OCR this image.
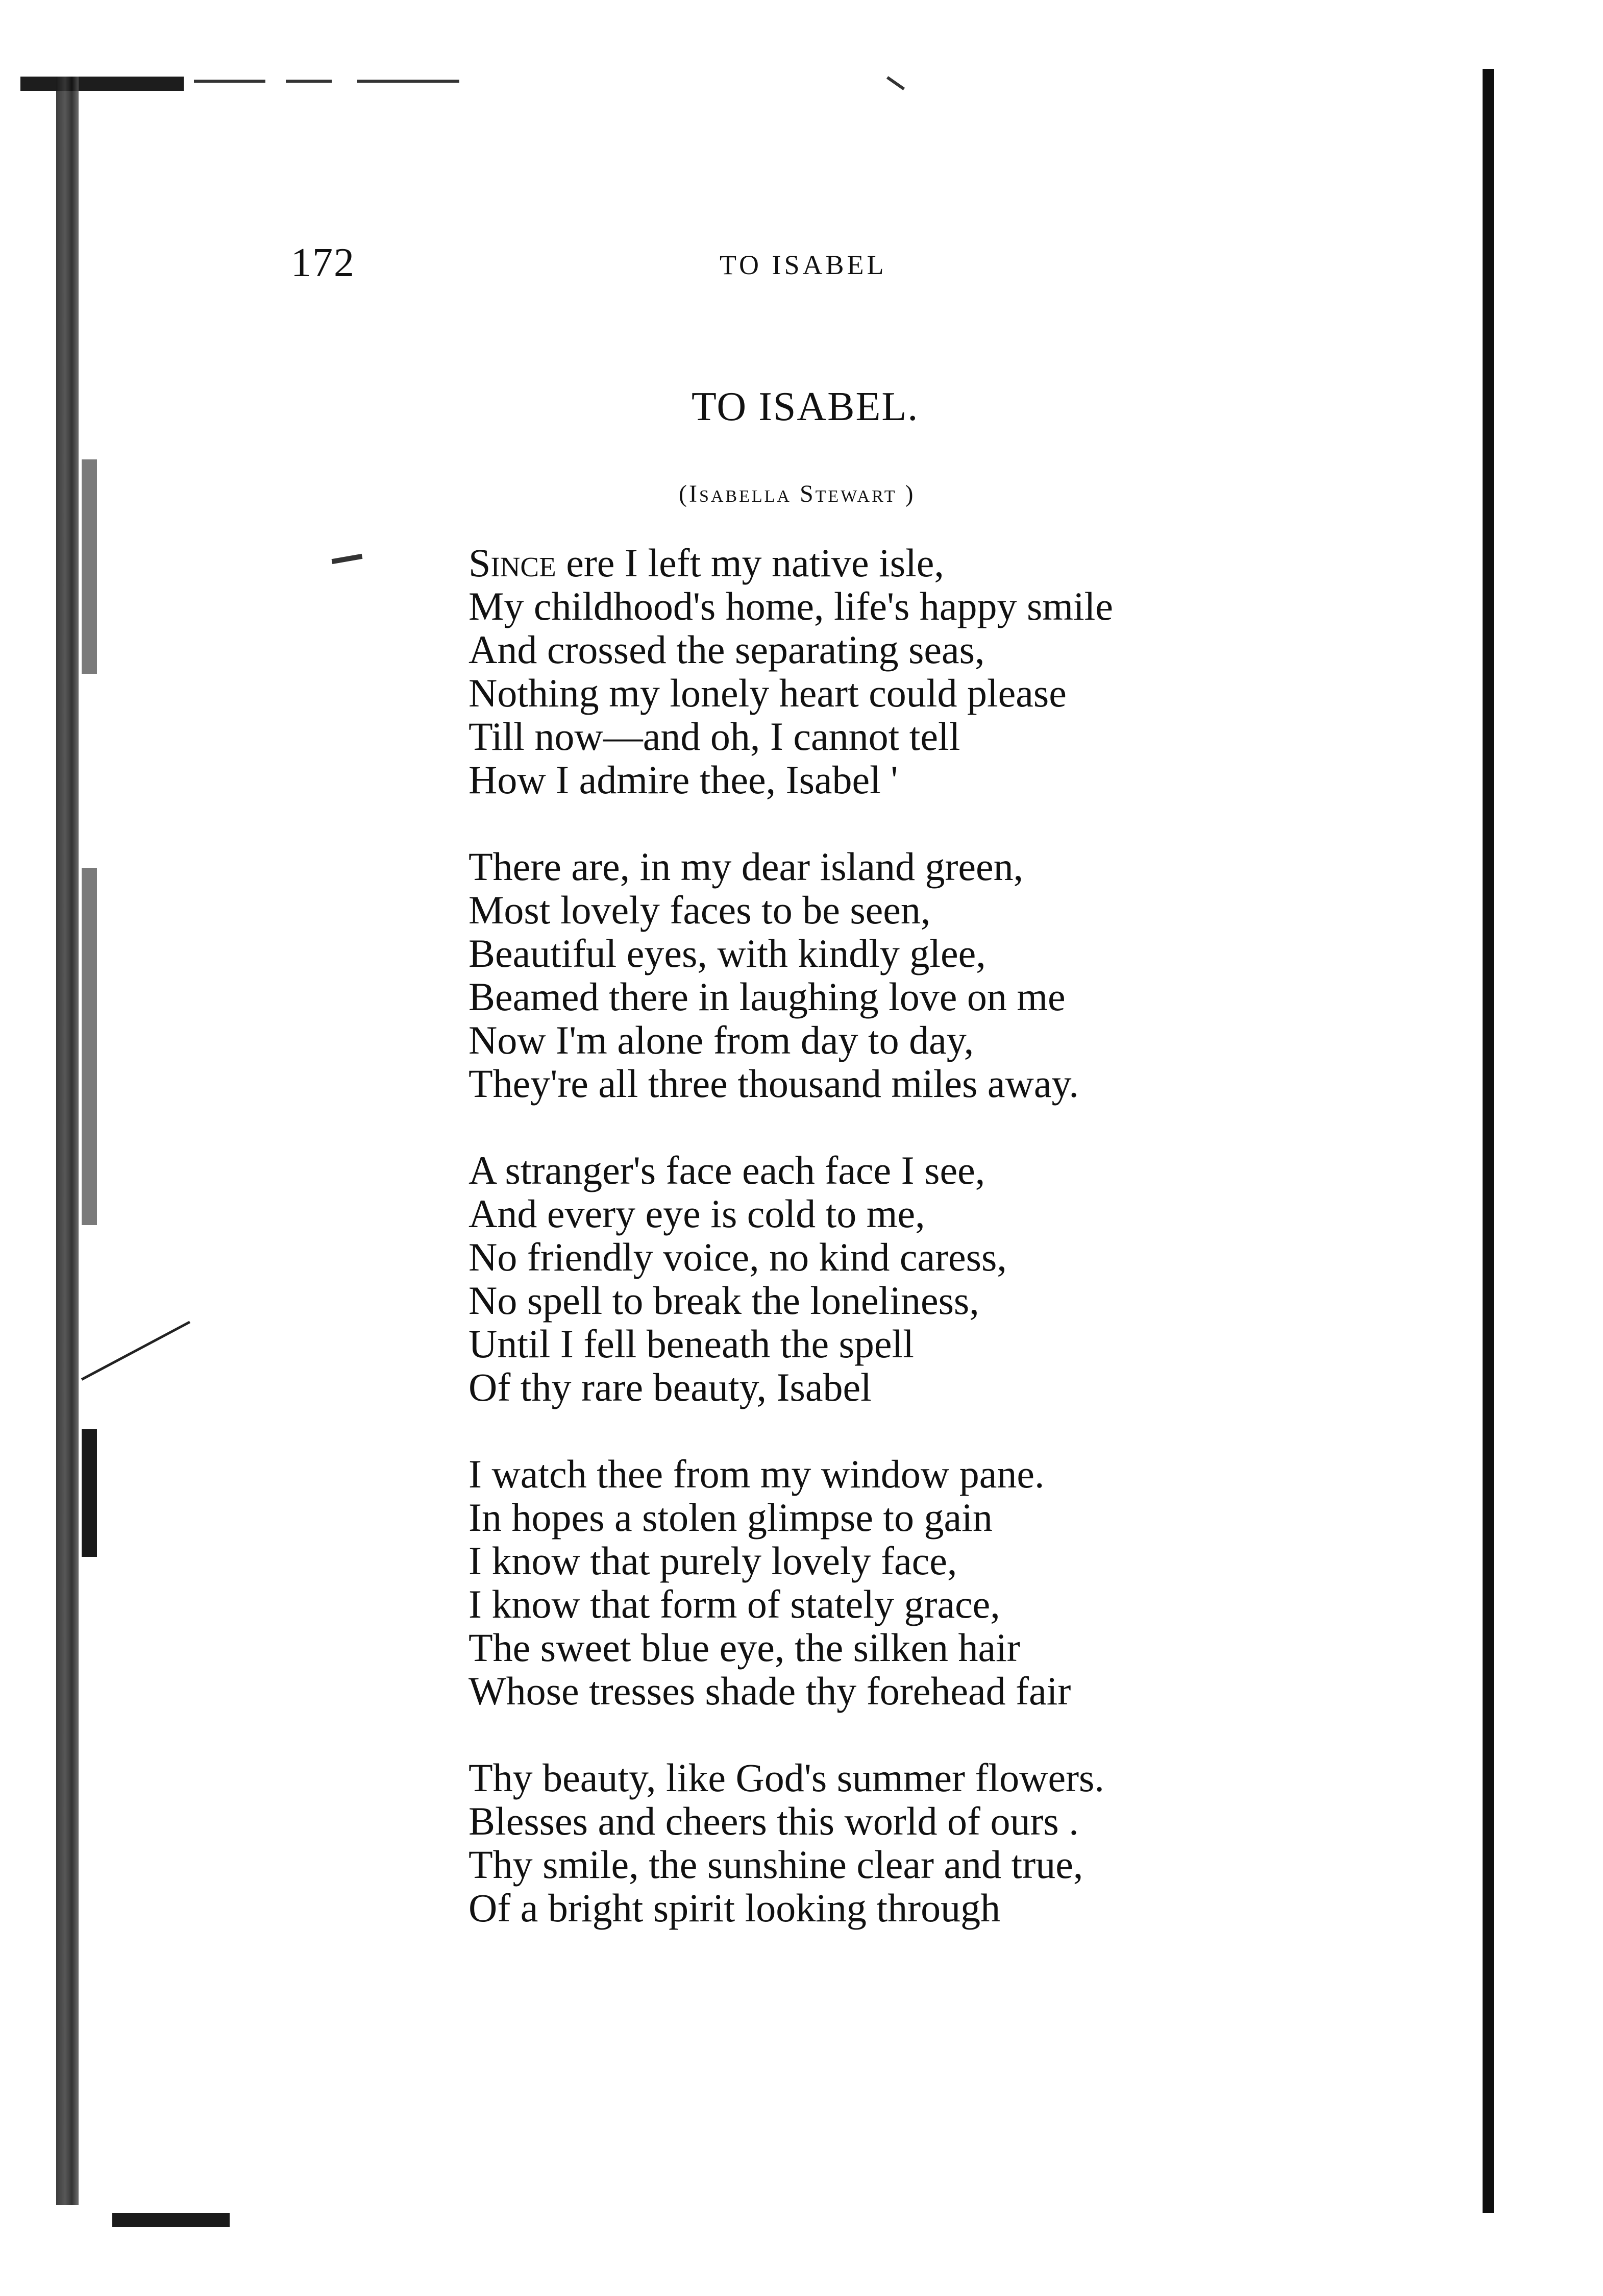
172	TO ISABEL
TO ISABEL.
(Isabella Stewart )
Since ere I left my native isle,
My childhood's home, life's happy smile
And crossed the separating seas,
Nothing my lonely heart could please
Till now—and oh, I cannot tell
How I admire thee, Isabel '
There are, in my dear island green,
Most lovely faces to be seen,
Beautiful eyes, with kindly glee,
Beamed there in laughing love on me
Now I'm alone from day to day,
They're all three thousand miles away.
A stranger's face each face I see,
And every eye is cold to me,
No friendly voice, no kind caress,
No spell to break the loneliness,
Until I fell beneath the spell
Of thy rare beauty, Isabel
I watch thee from my window pane.
In hopes a stolen glimpse to gain
I know that purely lovely face,
I know that form of stately grace,
The sweet blue eye, the silken hair
Whose tresses shade thy forehead fair
Thy beauty, like God's summer flowers.
Blesses and cheers this world of ours .
Thy smile, the sunshine clear and true,
Of a bright spirit looking through
